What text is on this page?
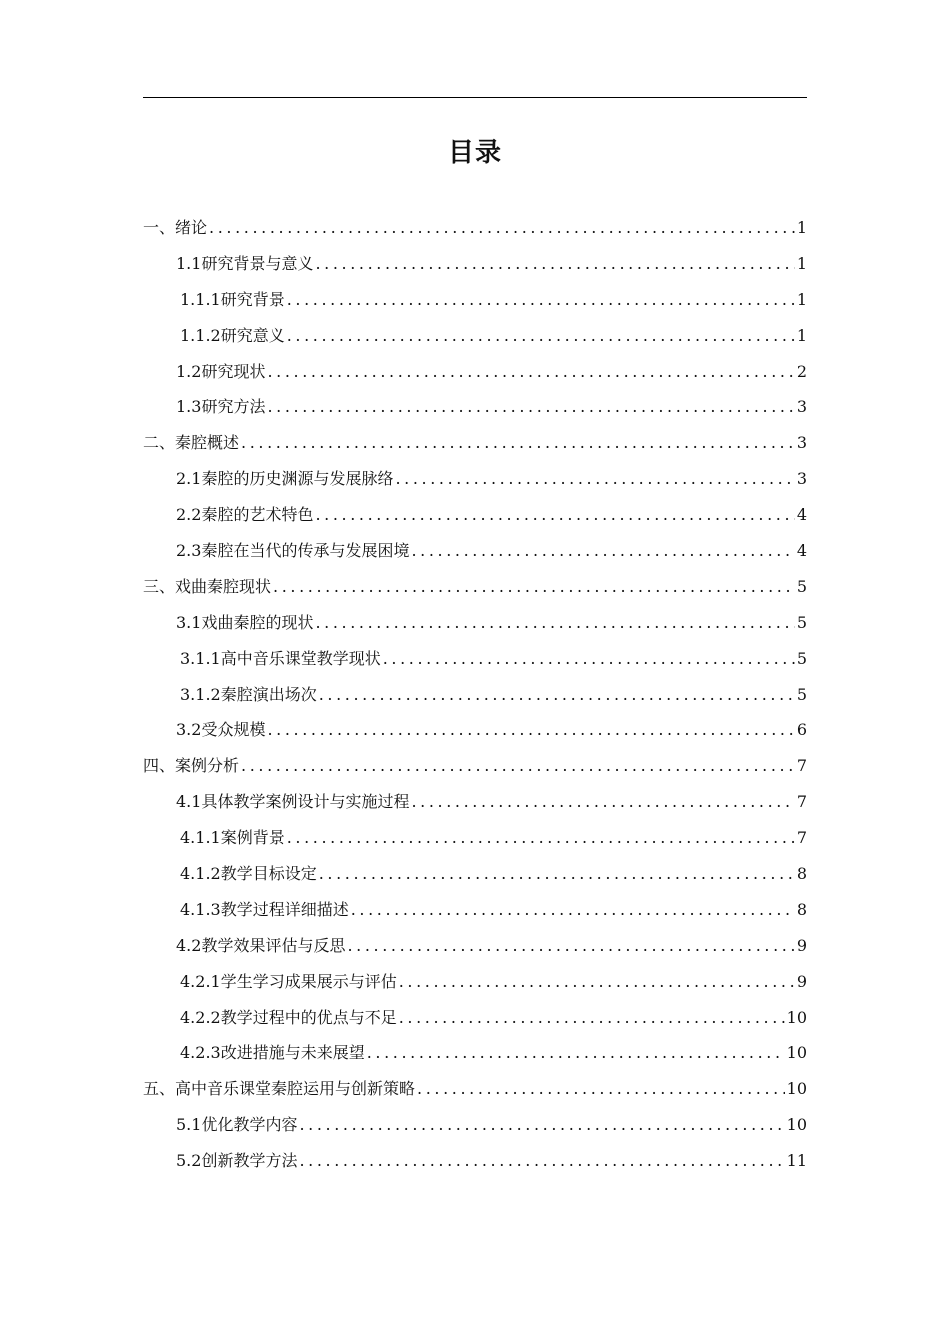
目录
一、绪论 .....	1
1.1研究背景与意义 .....	1
1.1.1研究背景 .....	1
1.1.2研究意义 .....	1
1.2研究现状 .....	2
1.3研究方法 .....	3
二、秦腔概述 .....	3
2.1秦腔的历史渊源与发展脉络 .....	3
2.2秦腔的艺术特色 .....	4
2.3秦腔在当代的传承与发展困境 .....	4
三、戏曲秦腔现状 .....	5
3.1戏曲秦腔的现状 .....	5
3.1.1高中音乐课堂教学现状 .....	5
3.1.2秦腔演出场次 .....	5
3.2受众规模 .....	6
四、案例分析 .....	7
4.1具体教学案例设计与实施过程 .....	7
4.1.1案例背景 .....	7
4.1.2教学目标设定 .....	8
4.1.3教学过程详细描述 .....	8
4.2教学效果评估与反思 .....	9
4.2.1学生学习成果展示与评估 .....	9
4.2.2教学过程中的优点与不足 .....	10
4.2.3改进措施与未来展望 .....	10
五、高中音乐课堂秦腔运用与创新策略 .....	10
5.1优化教学内容 .....	10
5.2创新教学方法 .....	11
